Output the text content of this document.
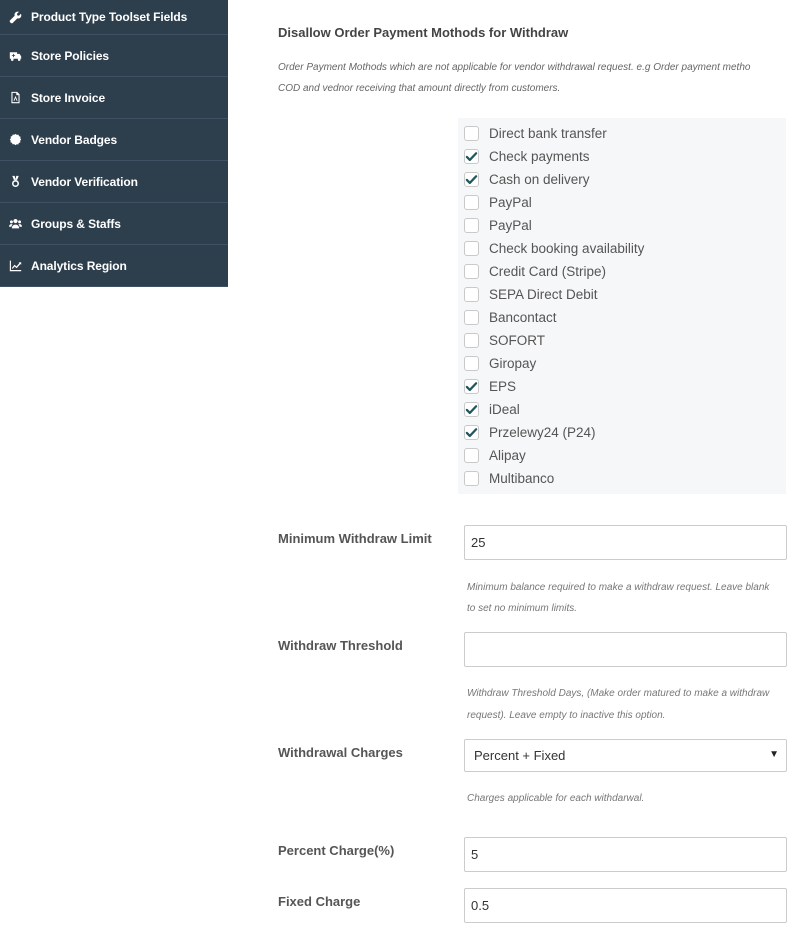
Product Type Toolset Fields
Store Policies
Store Invoice
Vendor Badges
Vendor Verification
Groups & Staffs
Analytics Region
Disallow Order Payment Mothods for Withdraw
Order Payment Mothods which are not applicable for vendor withdrawal request. e.g Order payment metho
COD and vednor receiving that amount directly from customers.
Direct bank transfer
Check payments
Cash on delivery
PayPal
PayPal
Check booking availability
Credit Card (Stripe)
SEPA Direct Debit
Bancontact
SOFORT
Giropay
EPS
iDeal
Przelewy24 (P24)
Alipay
Multibanco
Minimum Withdraw Limit
25
Minimum balance required to make a withdraw request. Leave blank
to set no minimum limits.
Withdraw Threshold
Withdraw Threshold Days, (Make order matured to make a withdraw
request). Leave empty to inactive this option.
Withdrawal Charges	Percent + Fixed	▼
Charges applicable for each withdarwal.
Percent Charge(%)
5
Fixed Charge
0.5
